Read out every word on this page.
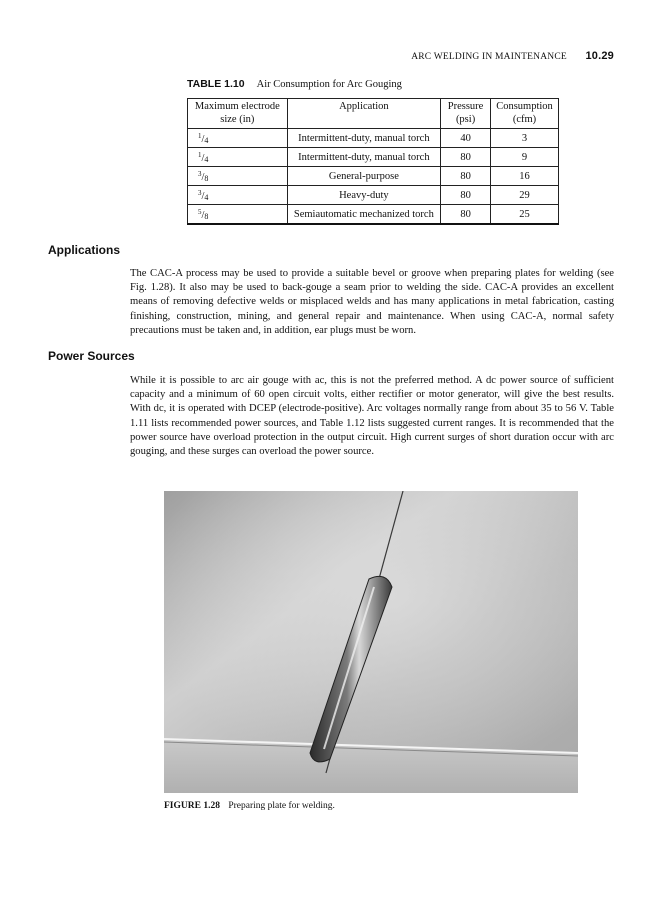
ARC WELDING IN MAINTENANCE 10.29
TABLE 1.10 Air Consumption for Arc Gouging
Maximum electrode size (in)	Application	Pressure (psi)	Consumption (cfm)
$^1/_4$	Intermittent-duty, manual torch	40	3
$^1/_4$	Intermittent-duty, manual torch	80	9
$^3/_8$	General-purpose	80	16
$^3/_4$	Heavy-duty	80	29
$^5/_8$	Semiautomatic mechanized torch	80	25
Applications

The CAC-A process may be used to provide a suitable bevel or groove when preparing plates for welding (see Fig. 1.28). It also may be used to back-gouge a seam prior to welding the side. CAC-A provides an excellent means of removing defective welds or misplaced welds and has many applications in metal fabrication, casting finishing, construction, mining, and general repair and maintenance. When using CAC-A, normal safety precautions must be taken and, in addition, ear plugs must be worn.

Power Sources

While it is possible to arc air gouge with ac, this is not the preferred method. A dc power source of sufficient capacity and a minimum of 60 open circuit volts, either rectifier or motor generator, will give the best results. With dc, it is operated with DCEP (electrode-positive). Arc voltages normally range from about 35 to 56 V. Table 1.11 lists recommended power sources, and Table 1.12 lists suggested current ranges. It is recommended that the power source have overload protection in the output circuit. High current surges of short duration occur with arc gouging, and these surges can overload the power source.

FIGURE 1.28 Preparing plate for welding.
